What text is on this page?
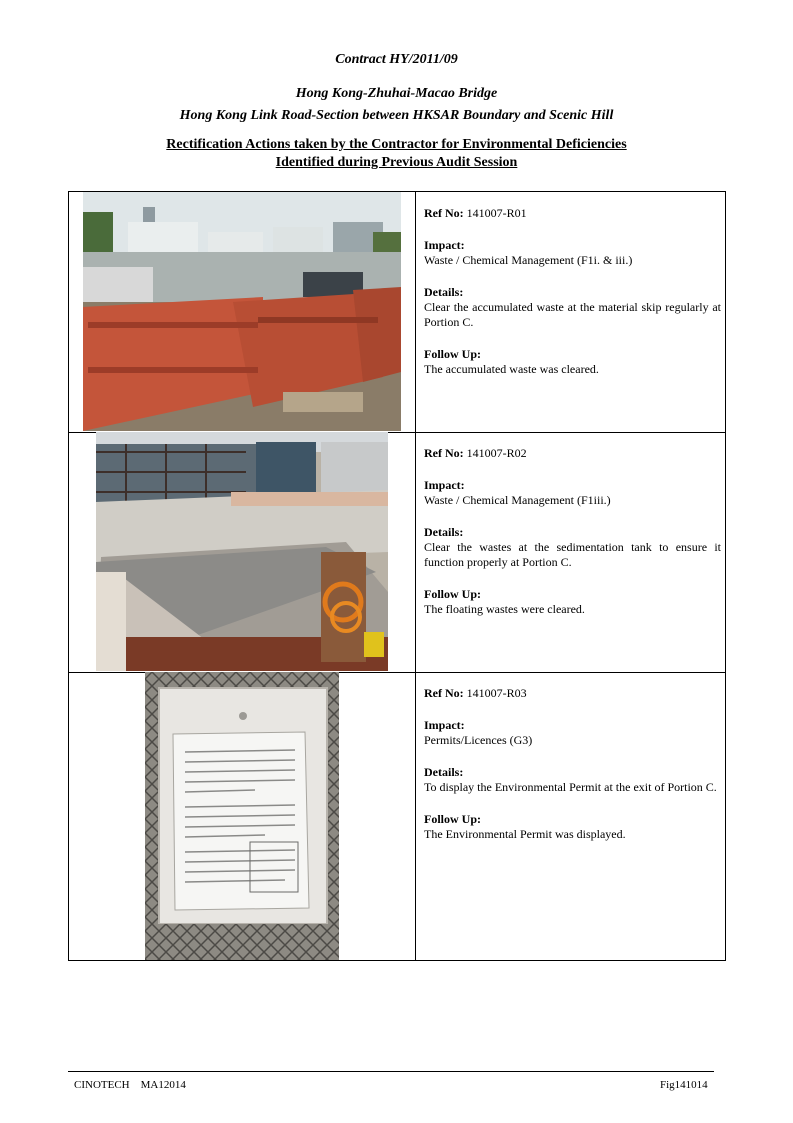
Contract HY/2011/09
Hong Kong-Zhuhai-Macao Bridge
Hong Kong Link Road-Section between HKSAR Boundary and Scenic Hill
Rectification Actions taken by the Contractor for Environmental Deficiencies
Identified during Previous Audit Session

Ref No: 141007-R01

Impact:
Waste / Chemical Management (F1i. & iii.)

Details:

Clear the accumulated waste at the material skip regularly at Portion C.

Follow Up:
The accumulated waste was cleared.

Ref No: 141007-R02

Impact:
Waste / Chemical Management (F1iii.)

Details:

Clear the wastes at the sedimentation tank to ensure it function properly at Portion C.

Follow Up:
The floating wastes were cleared.

Ref No: 141007-R03

Impact:
Permits/Licences (G3)

Details:

To display the Environmental Permit at the exit of Portion C.

Follow Up:
The Environmental Permit was displayed.

CINOTECH    MA12014	Fig141014
